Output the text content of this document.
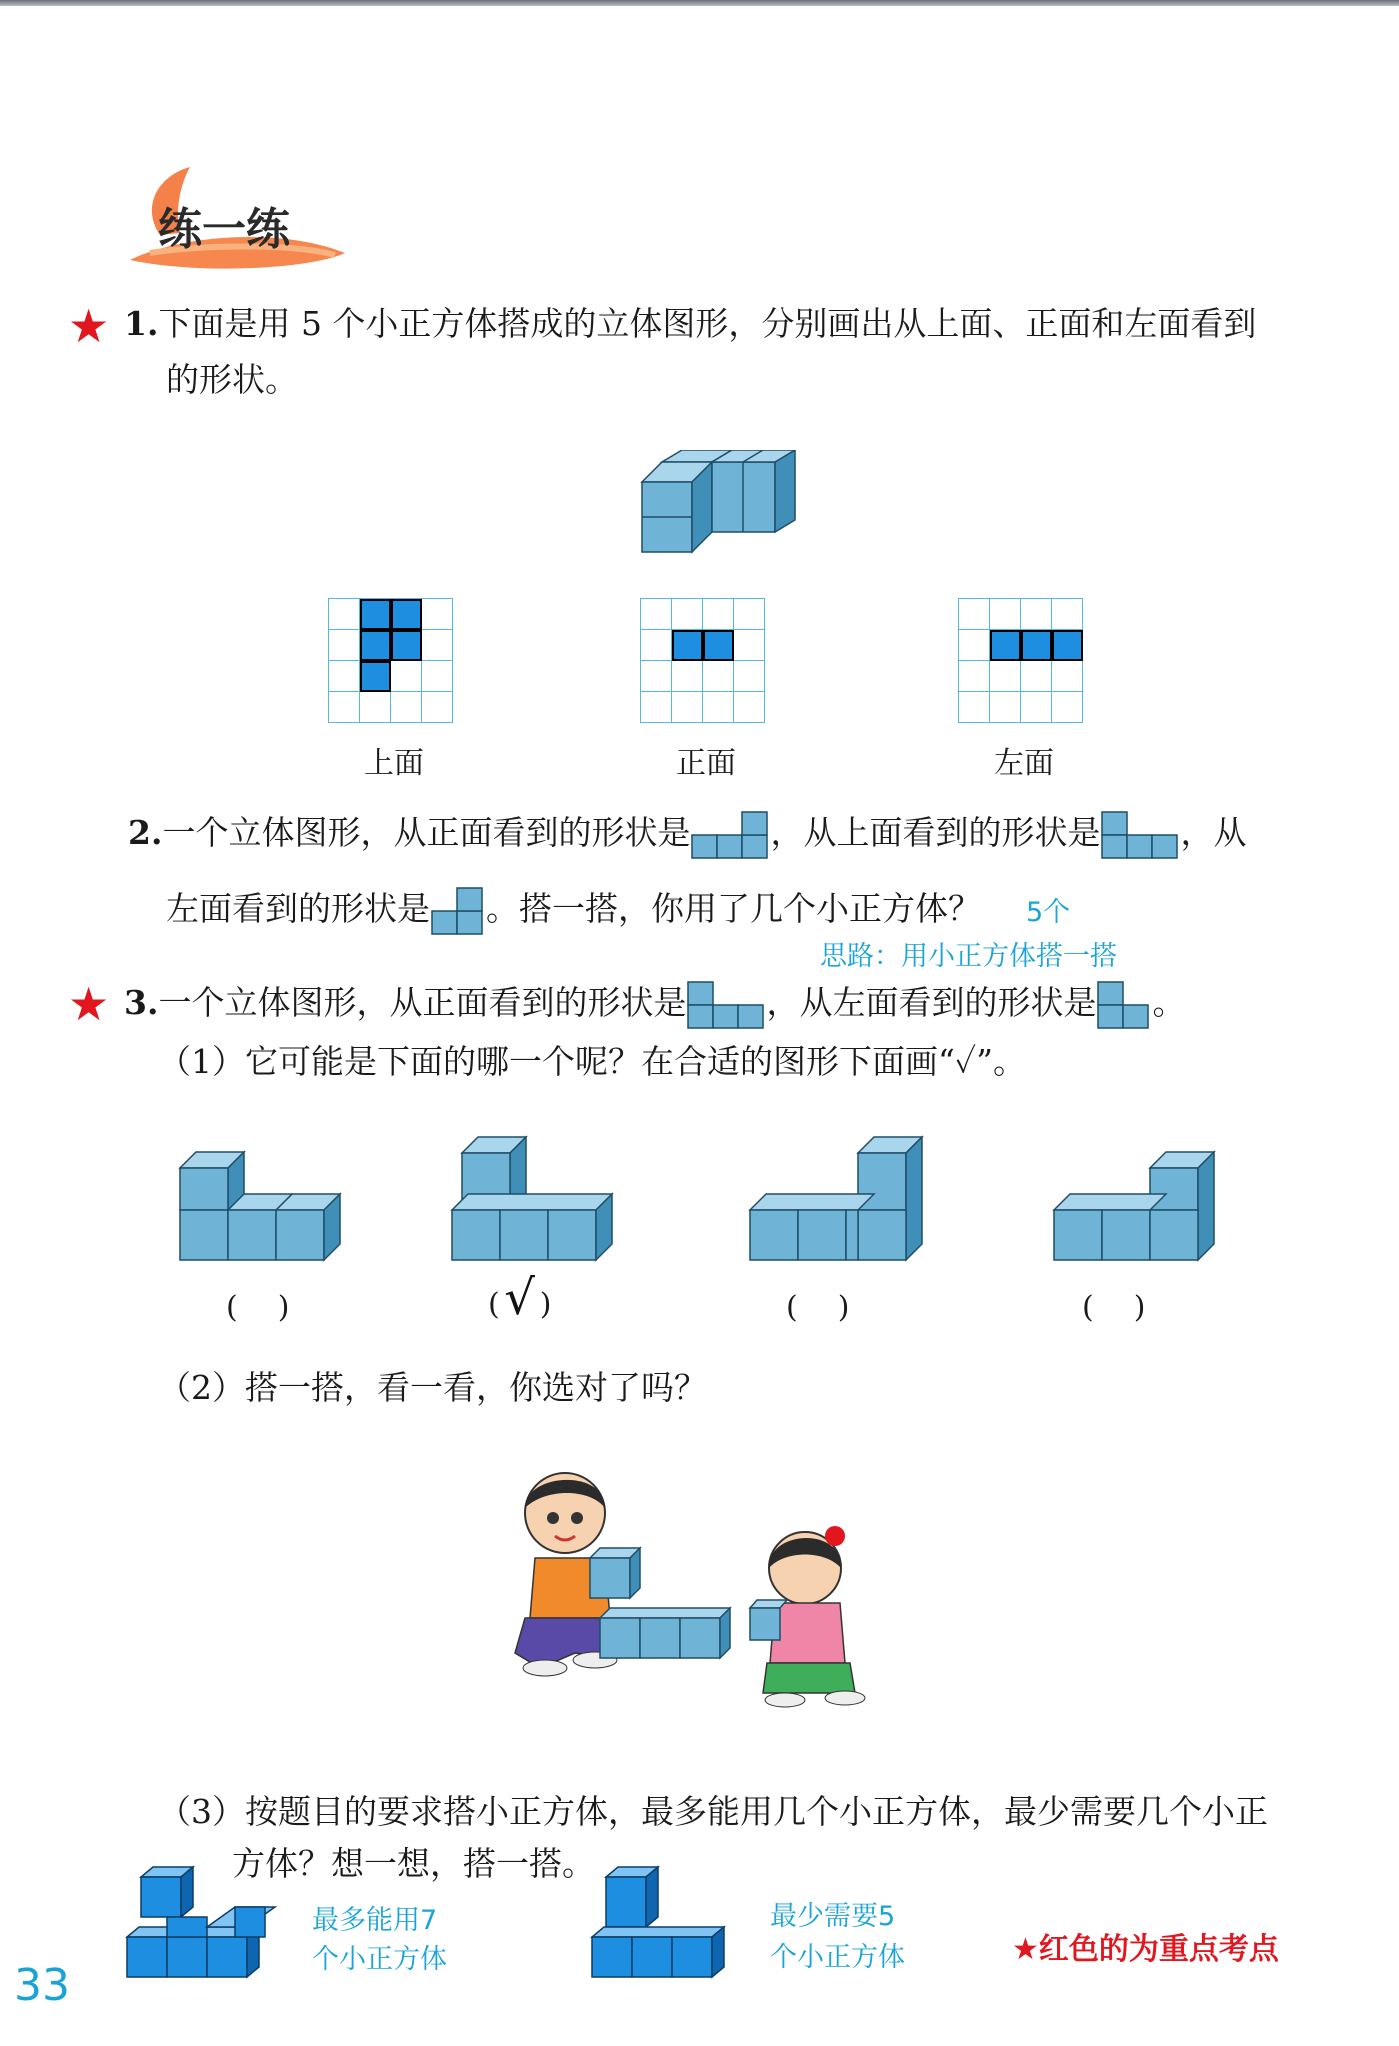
练一练
★ 1.下面是用 5 个小正方体搭成的立体图形，分别画出从上面、正面和左面看到
的形状。

上面

				正面

				左面
2.一个立体图形，从正面看到的形状是 ，从上面看到的形状是 ，从
左面看到的形状是 。搭一搭，你用了几个小正方体？ 5个
思路：用小正方体搭一搭
★ 3.一个立体图形，从正面看到的形状是 ，从左面看到的形状是 。
（1）它可能是下面的哪一个呢？在合适的图形下面画“✓”。
( )	(√ )	( )	( )
（2）搭一搭，看一看，你选对了吗？
（3）按题目的要求搭小正方体，最多能用几个小正方体，最少需要几个小正
方体？想一想，搭一搭。
最多能用7
个小正方体
最少需要5
个小正方体	★红色的为重点考点
33
